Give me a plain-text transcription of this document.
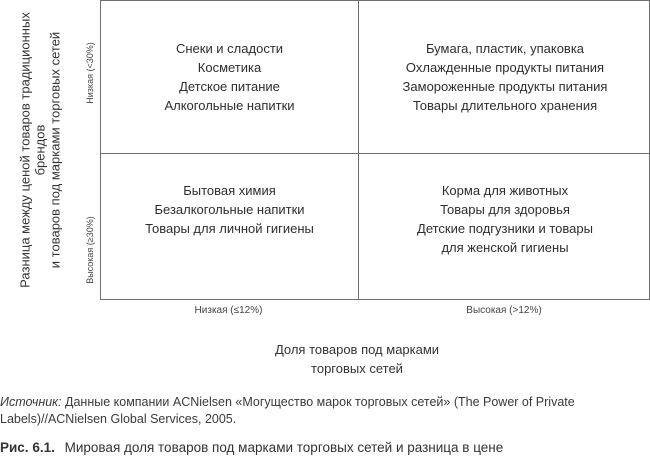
Разница между ценой товаров традиционных брендов и товаров под марками торговых сетей	Низкая (<30%)
Высокая (≥30%)
Снеки и сладости
Косметика
Детское питание
Алкогольные напитки
Бумага, пластик, упаковка
Охлажденные продукты питания
Замороженные продукты питания
Товары длительного хранения
Бытовая химия
Безалкогольные напитки
Товары для личной гигиены
Корма для животных
Товары для здоровья
Детские подгузники и товары
для женской гигиены
Низкая (≤12%)	Высокая (>12%)
Доля товаров под марками
торговых сетей
Источник: Данные компании ACNielsen «Могущество марок торговых сетей» (The Power of Private
Labels)//ACNielsen Global Services, 2005.
Рис. 6.1. Мировая доля товаров под марками торговых сетей и разница в цене
